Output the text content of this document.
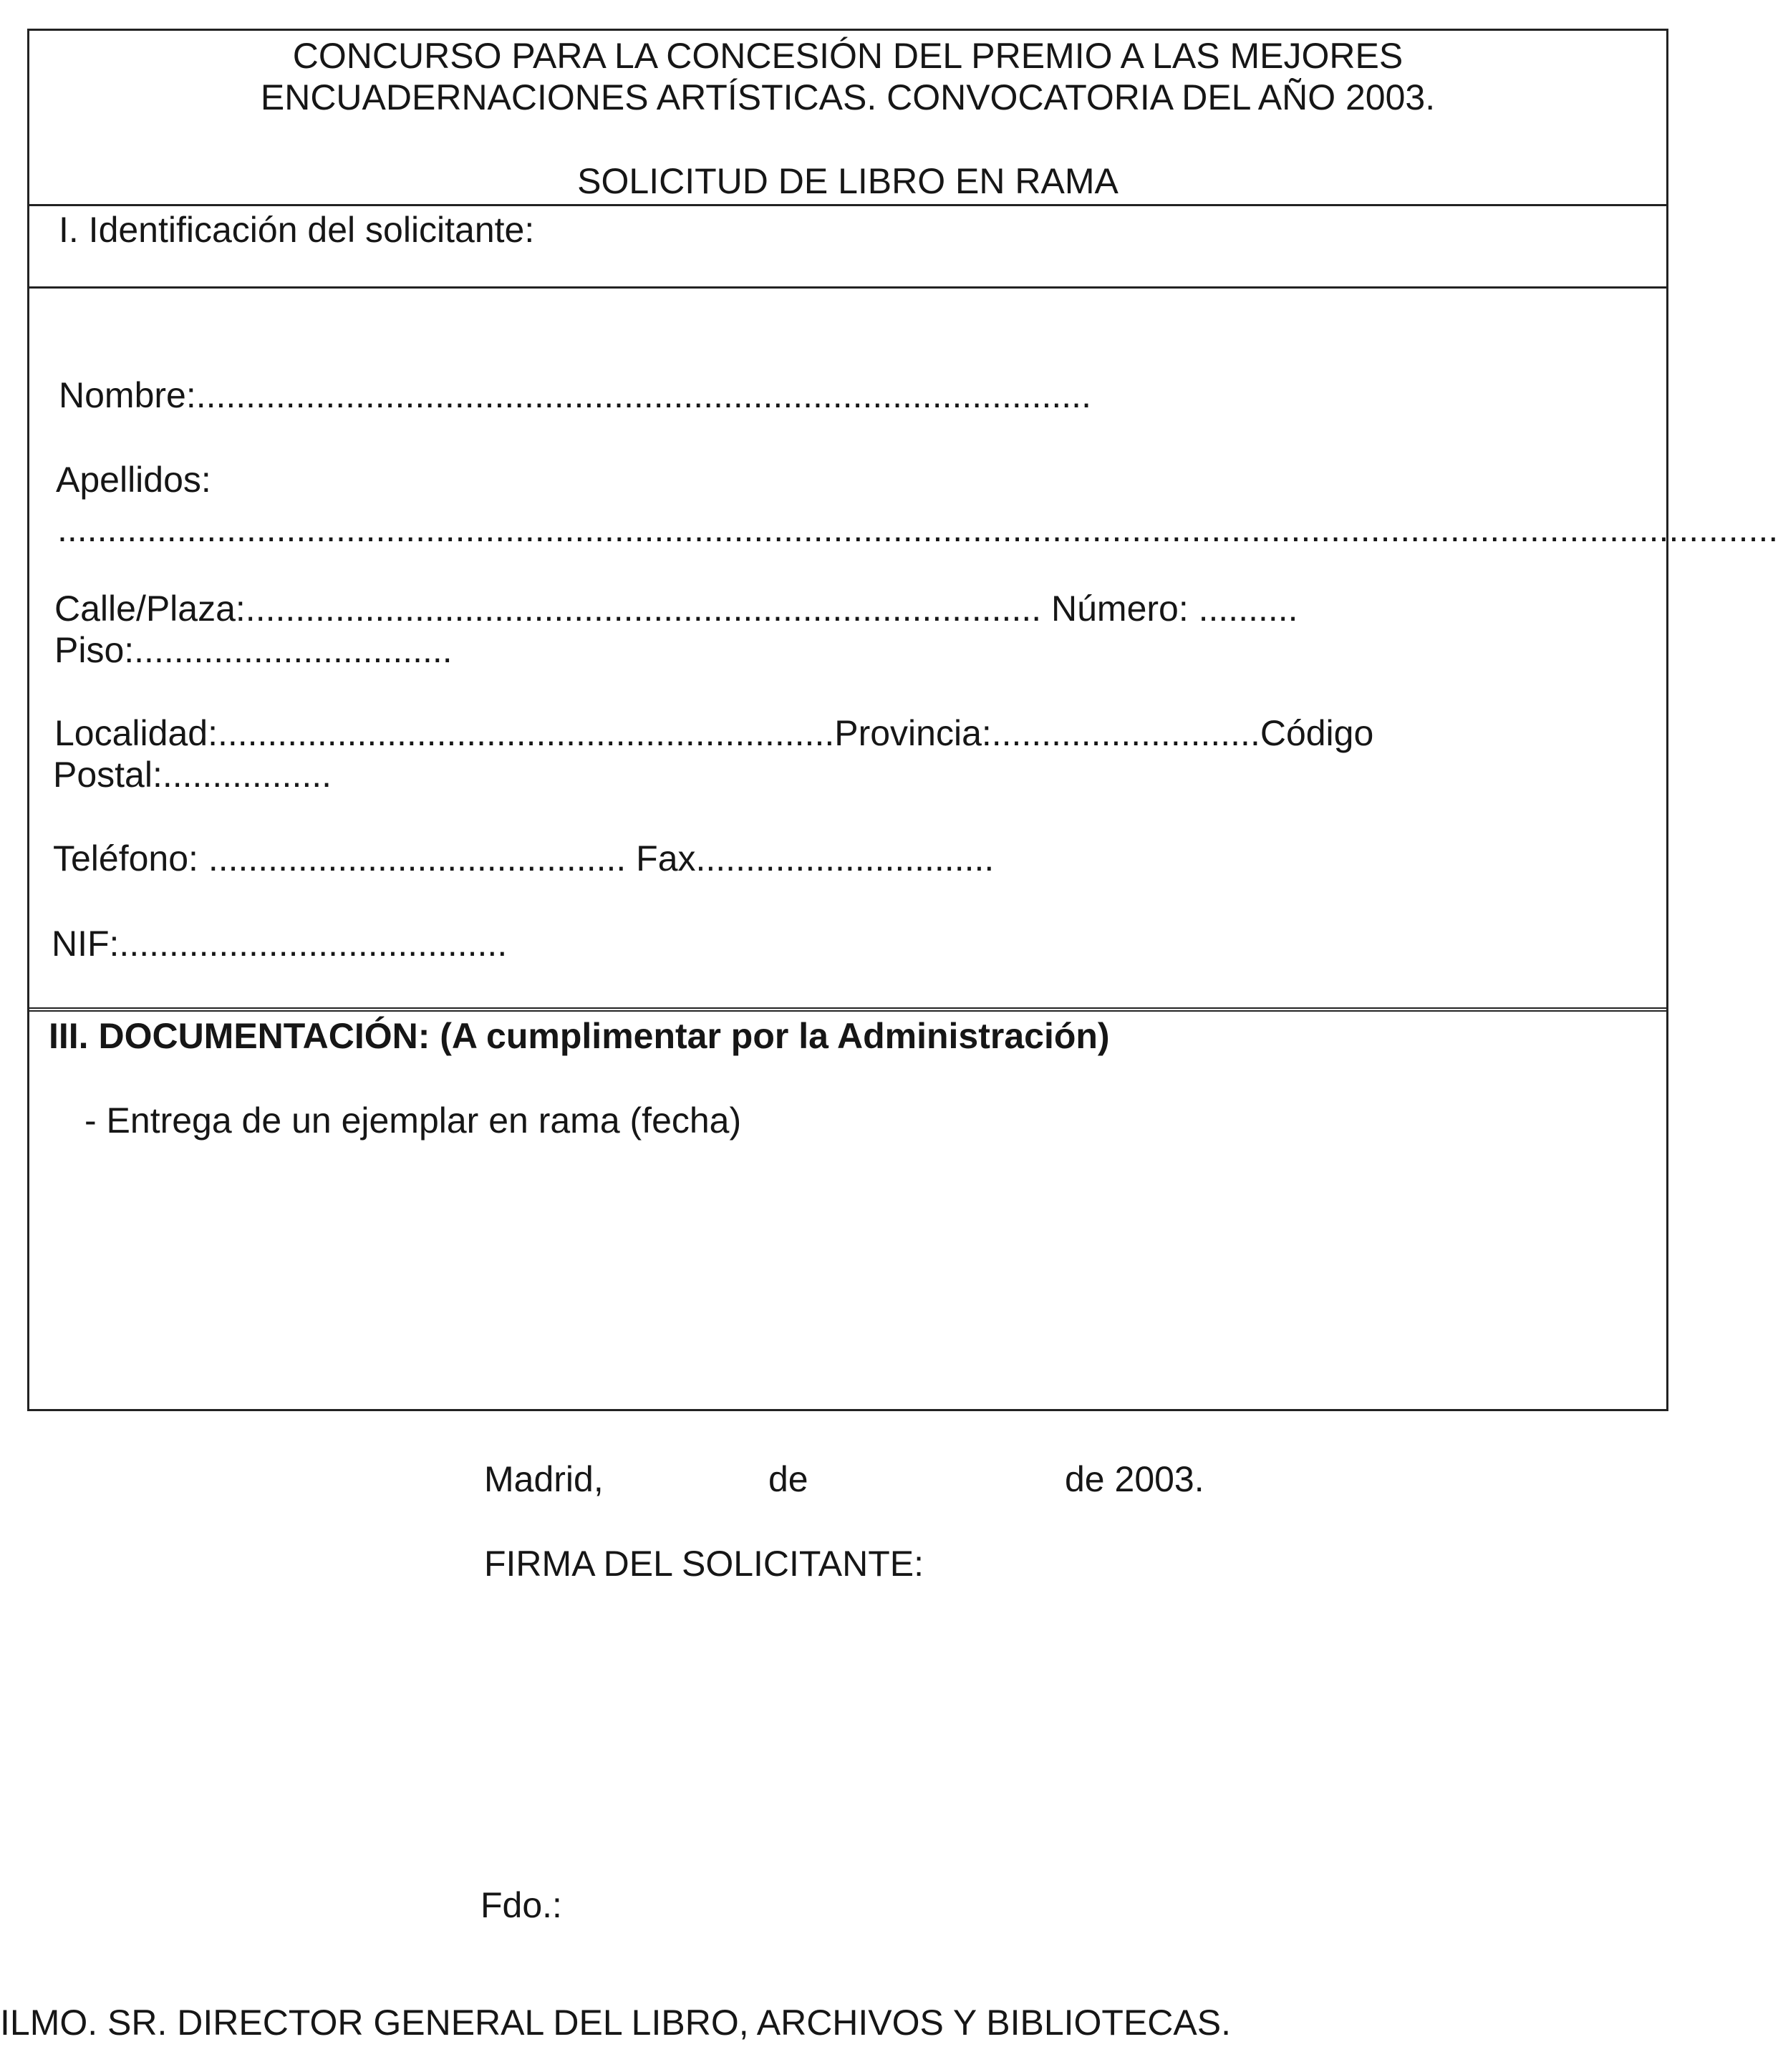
CONCURSO PARA LA CONCESIÓN DEL PREMIO A LAS MEJORES
ENCUADERNACIONES ARTÍSTICAS. CONVOCATORIA DEL AÑO 2003.
SOLICITUD DE LIBRO EN RAMA
I. Identificación del solicitante:
Nombre:..........................................................................................
Apellidos:
.............................................................................................................................................................................
Calle/Plaza:................................................................................ Número: ..........
Piso:................................
Localidad:..............................................................Provincia:...........................Código
Postal:.................
Teléfono: .......................................... Fax..............................
NIF:.......................................
III. DOCUMENTACIÓN: (A cumplimentar por la Administración)
- Entrega de un ejemplar en rama (fecha)
Madrid,	de	de 2003.
FIRMA DEL SOLICITANTE:
Fdo.:
ILMO. SR. DIRECTOR GENERAL DEL LIBRO, ARCHIVOS Y BIBLIOTECAS.
